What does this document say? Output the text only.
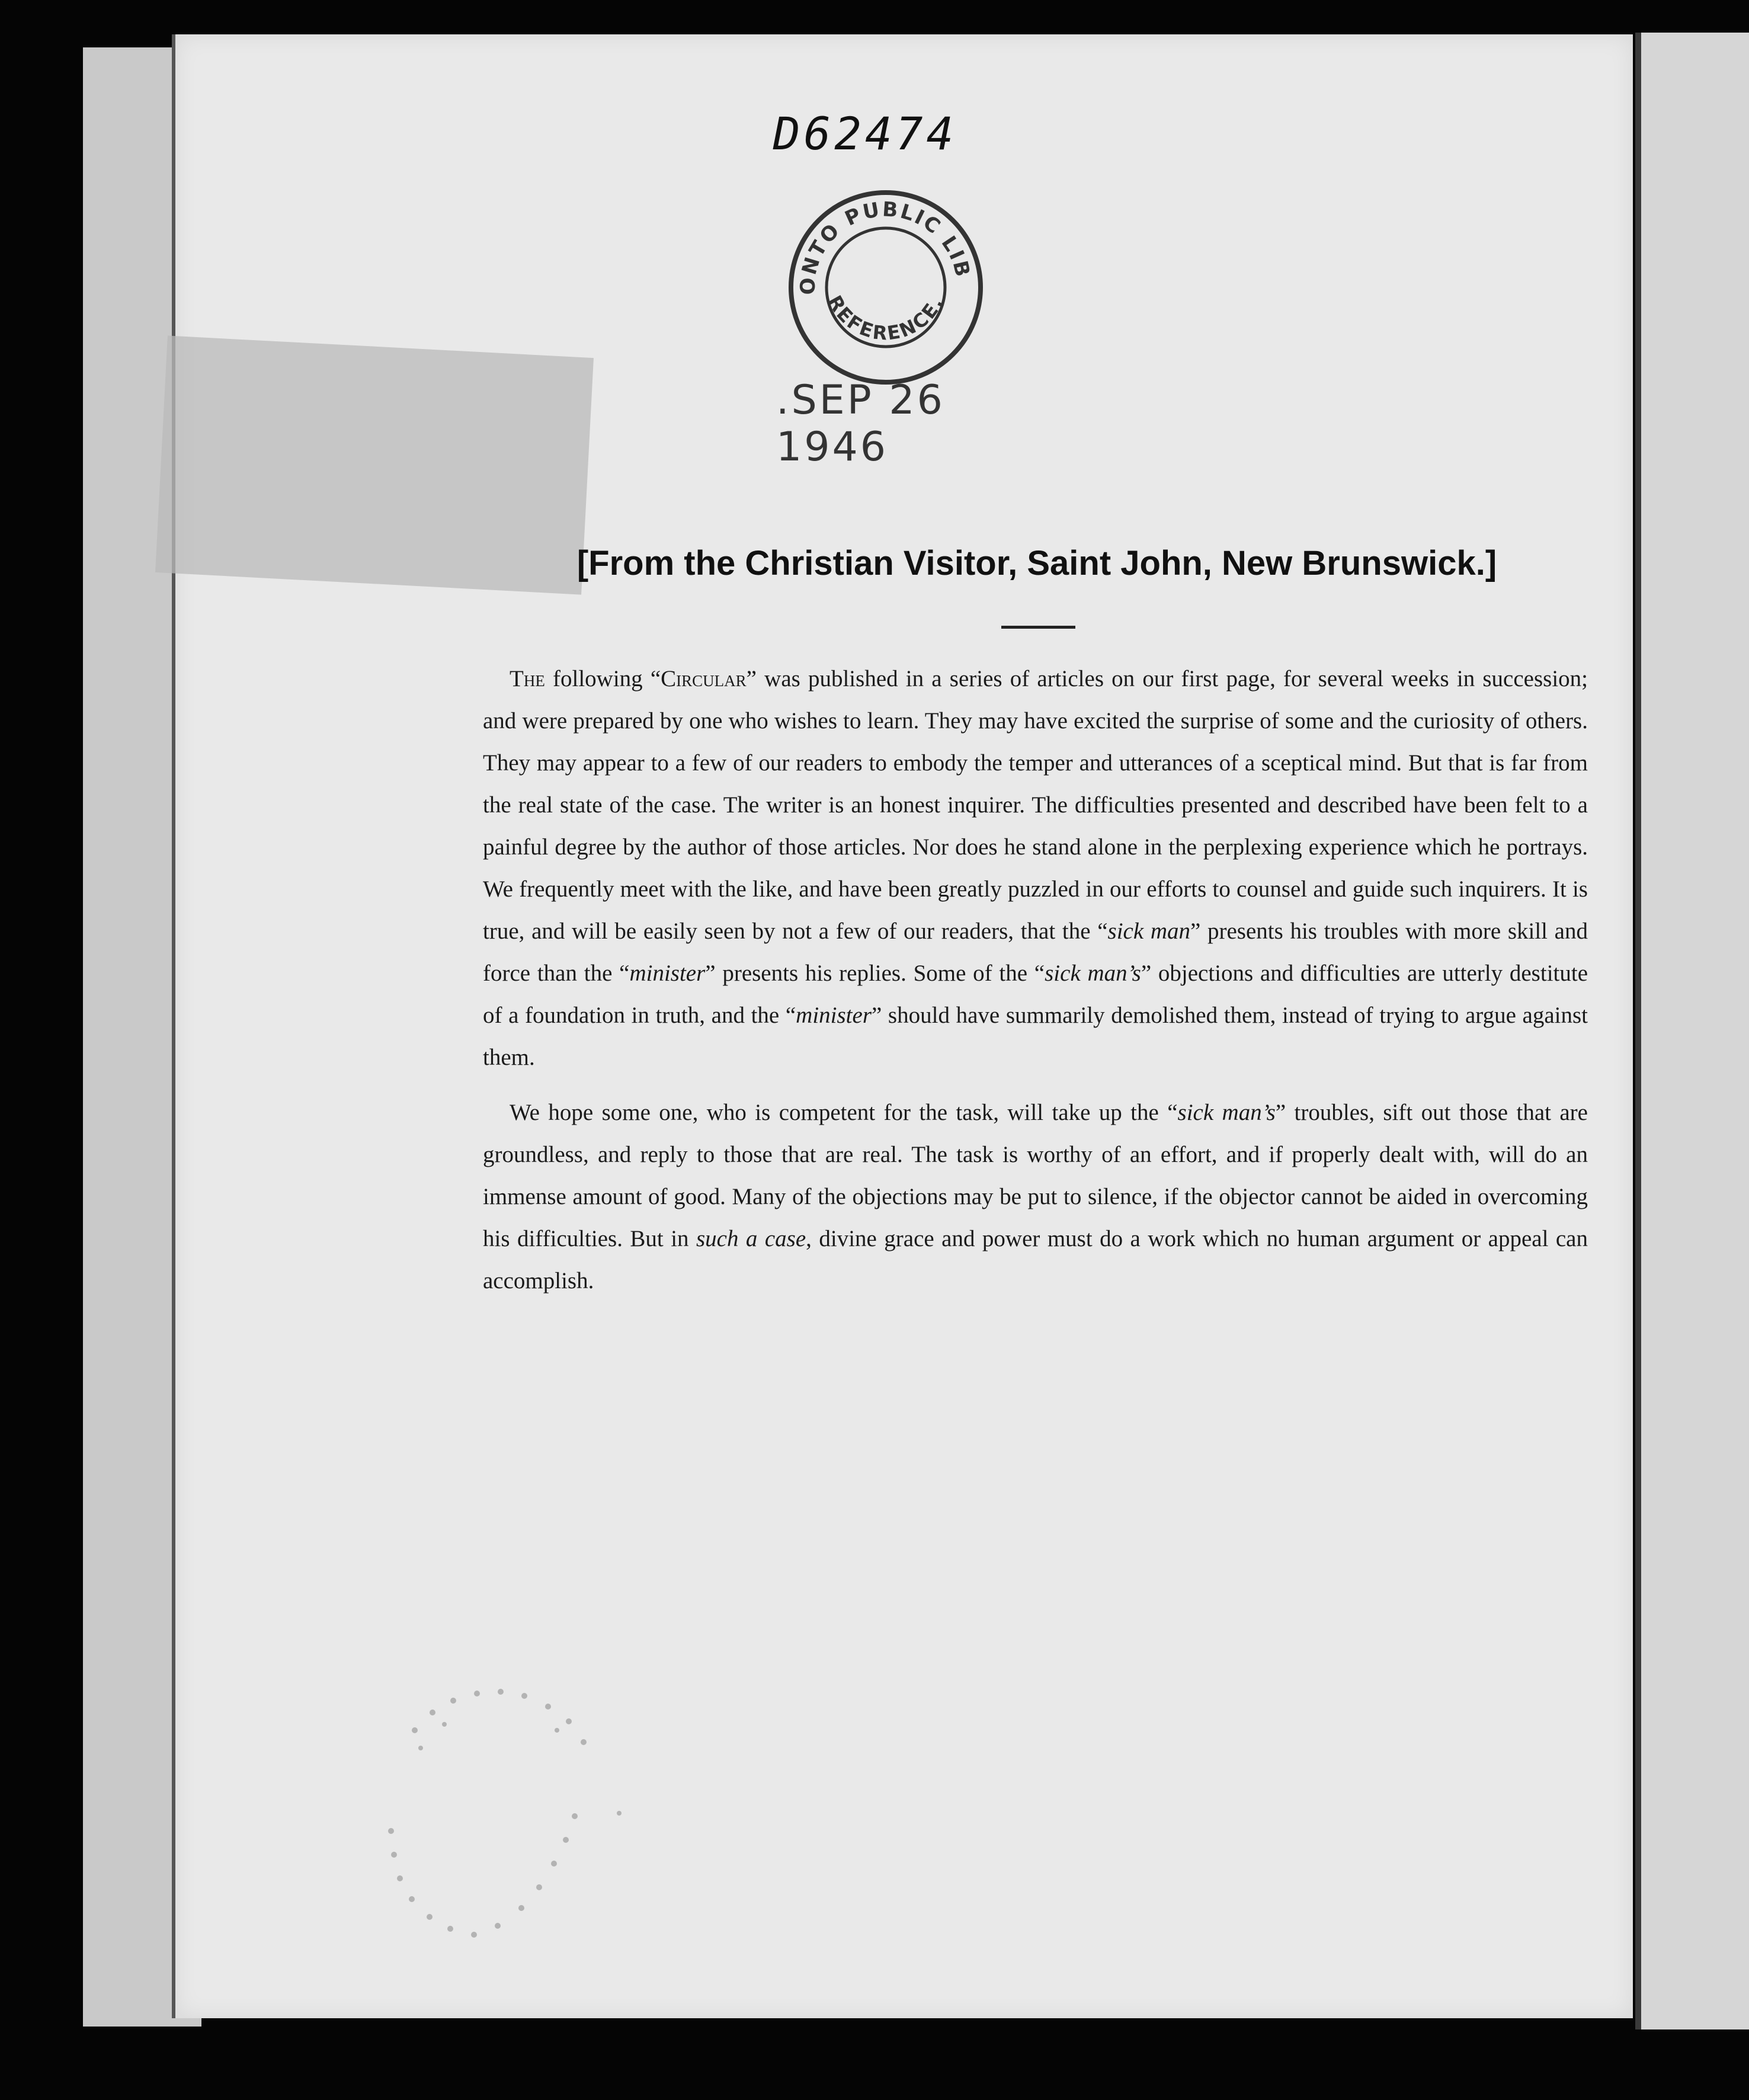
D62474
ONTO PUBLIC LIB
REFERENCE.
.SEP 26 1946
[From the Christian Visitor, Saint John, New Brunswick.]

The following “Circular” was published in a series of articles on our first page, for several weeks in succession; and were prepared by one who wishes to learn. They may have excited the surprise of some and the curiosity of others. They may appear to a few of our readers to embody the temper and utterances of a sceptical mind. But that is far from the real state of the case. The writer is an honest inquirer. The difficulties presented and described have been felt to a painful degree by the author of those articles. Nor does he stand alone in the perplexing experience which he portrays. We frequently meet with the like, and have been greatly puzzled in our efforts to counsel and guide such inquirers. It is true, and will be easily seen by not a few of our readers, that the “sick man” presents his troubles with more skill and force than the “minister” presents his replies. Some of the “sick man’s” objections and difficulties are utterly destitute of a foundation in truth, and the “minister” should have summarily demolished them, instead of trying to argue against them.

We hope some one, who is competent for the task, will take up the “sick man’s” troubles, sift out those that are groundless, and reply to those that are real. The task is worthy of an effort, and if properly dealt with, will do an immense amount of good. Many of the objections may be put to silence, if the objector cannot be aided in overcoming his difficulties. But in such a case, divine grace and power must do a work which no human argument or appeal can accomplish.
